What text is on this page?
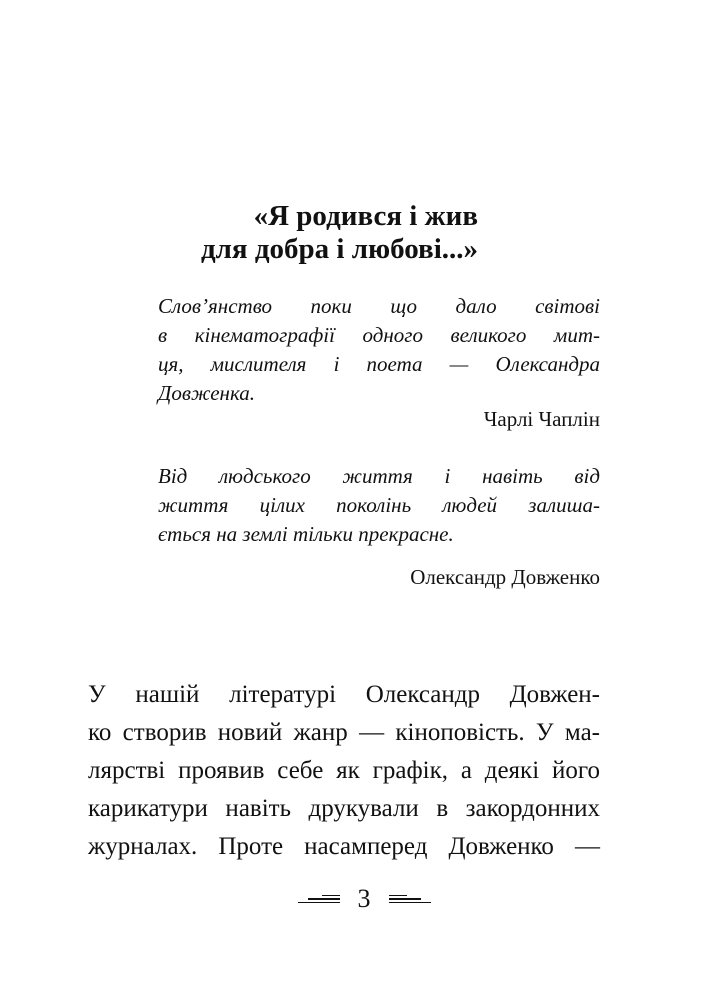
«Я родився і жив
для добра і любові...»
Слов’янство поки що дало світові
в кінематографії одного великого мит-
ця, мислителя і поета — Олександра
Довженка.
Чарлі Чаплін
Від людського життя і навіть від
життя цілих поколінь людей залиша-
ється на землі тільки прекрасне.
Олександр Довженко
У нашій літературі Олександр Довжен-
ко створив новий жанр — кіноповість. У ма-
лярстві проявив себе як графік, а деякі його
карикатури навіть друкували в закордонних
журналах. Проте насамперед Довженко —
3
